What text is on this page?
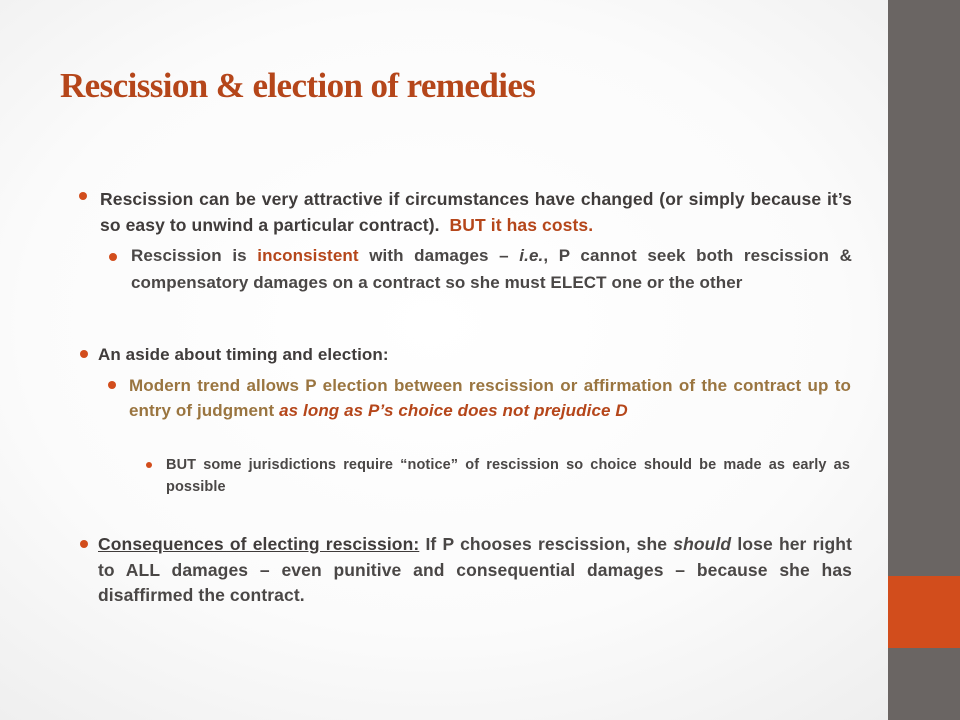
Rescission & election of remedies

Rescission can be very attractive if circumstances have changed (or simply because it’s so easy to unwind a particular contract). BUT it has costs.

Rescission is inconsistent with damages – i.e., P cannot seek both rescission & compensatory damages on a contract so she must ELECT one or the other

An aside about timing and election:

Modern trend allows P election between rescission or affirmation of the contract up to entry of judgment as long as P’s choice does not prejudice D

BUT some jurisdictions require “notice” of rescission so choice should be made as early as possible

Consequences of electing rescission: If P chooses rescission, she should lose her right to ALL damages – even punitive and consequential damages – because she has disaffirmed the contract.
